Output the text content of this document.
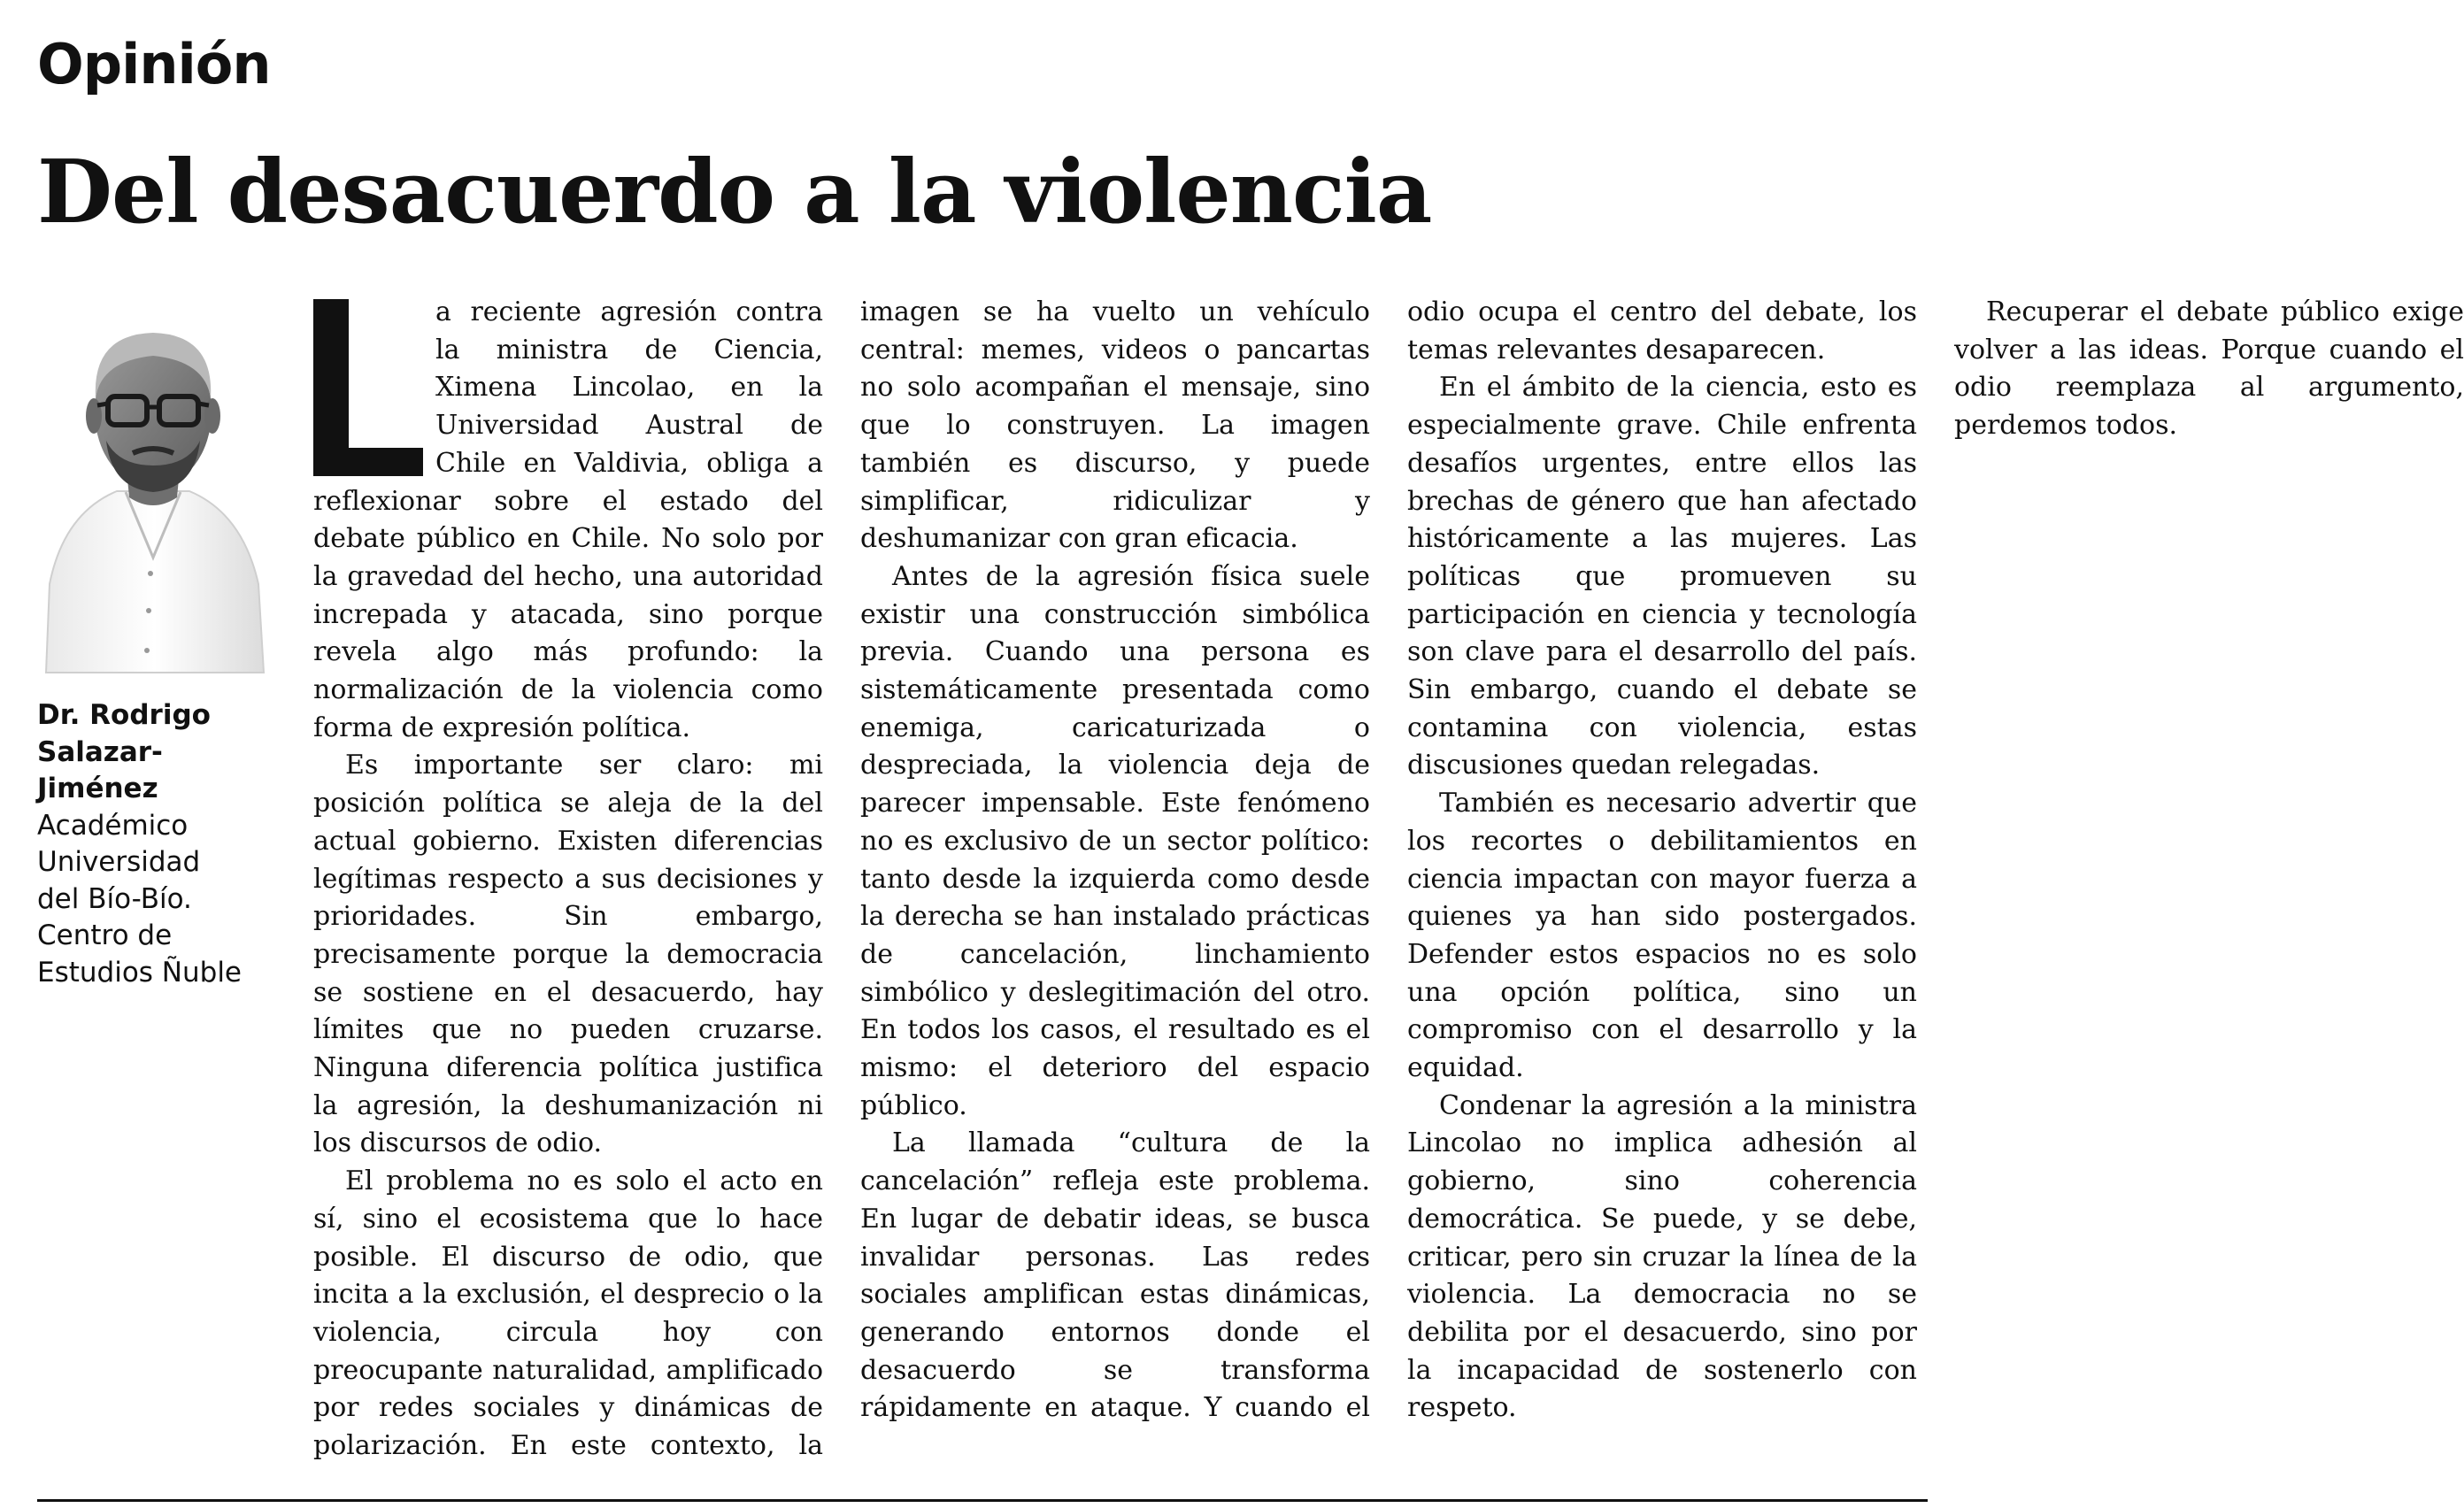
Opinión
Del desacuerdo a la violencia
Dr. Rodrigo
Salazar-
Jiménez
Académico
Universidad
del Bío-Bío.
Centro de
Estudios Ñuble

a reciente agresión contra la ministra de Ciencia, Ximena Lincolao, en la Universidad Austral de Chile en Valdivia, obliga a reflexionar sobre el estado del debate público en Chile. No solo por la gravedad del hecho, una autoridad increpada y atacada, sino porque revela algo más profundo: la normalización de la violencia como forma de expresión política.

Es importante ser claro: mi posición política se aleja de la del actual gobierno. Existen diferencias legítimas respecto a sus decisiones y prioridades. Sin embargo, precisamente porque la democracia se sostiene en el desacuerdo, hay límites que no pueden cruzarse. Ninguna diferencia política justifica la agresión, la deshumanización ni los discursos de odio.

El problema no es solo el acto en sí, sino el ecosistema que lo hace posible. El discurso de odio, que incita a la exclusión, el desprecio o la violencia, circula hoy con preocupante naturalidad, amplificado por redes sociales y dinámicas de polarización. En este contexto, la imagen se ha vuelto un vehículo central: memes, videos o pancartas no solo acompañan el mensaje, sino que lo construyen. La imagen también es discurso, y puede simplificar, ridiculizar y deshumanizar con gran eficacia.

Antes de la agresión física suele existir una construcción simbólica previa. Cuando una persona es sistemáticamente presentada como enemiga, caricaturizada o despreciada, la violencia deja de parecer impensable. Este fenómeno no es exclusivo de un sector político: tanto desde la izquierda como desde la derecha se han instalado prácticas de cancelación, linchamiento simbólico y deslegitimación del otro. En todos los casos, el resultado es el mismo: el deterioro del espacio público.

La llamada “cultura de la cancelación” refleja este problema. En lugar de debatir ideas, se busca invalidar personas. Las redes sociales amplifican estas dinámicas, generando entornos donde el desacuerdo se transforma rápidamente en ataque. Y cuando el odio ocupa el centro del debate, los temas relevantes desaparecen.

En el ámbito de la ciencia, esto es especialmente grave. Chile enfrenta desafíos urgentes, entre ellos las brechas de género que han afectado históricamente a las mujeres. Las políticas que promueven su participación en ciencia y tecnología son clave para el desarrollo del país. Sin embargo, cuando el debate se contamina con violencia, estas discusiones quedan relegadas.

También es necesario advertir que los recortes o debilitamientos en ciencia impactan con mayor fuerza a quienes ya han sido postergados. Defender estos espacios no es solo una opción política, sino un compromiso con el desarrollo y la equidad.

Condenar la agresión a la ministra Lincolao no implica adhesión al gobierno, sino coherencia democrática. Se puede, y se debe, criticar, pero sin cruzar la línea de la violencia. La democracia no se debilita por el desacuerdo, sino por la incapacidad de sostenerlo con respeto.

Recuperar el debate público exige volver a las ideas. Porque cuando el odio reemplaza al argumento, perdemos todos.
